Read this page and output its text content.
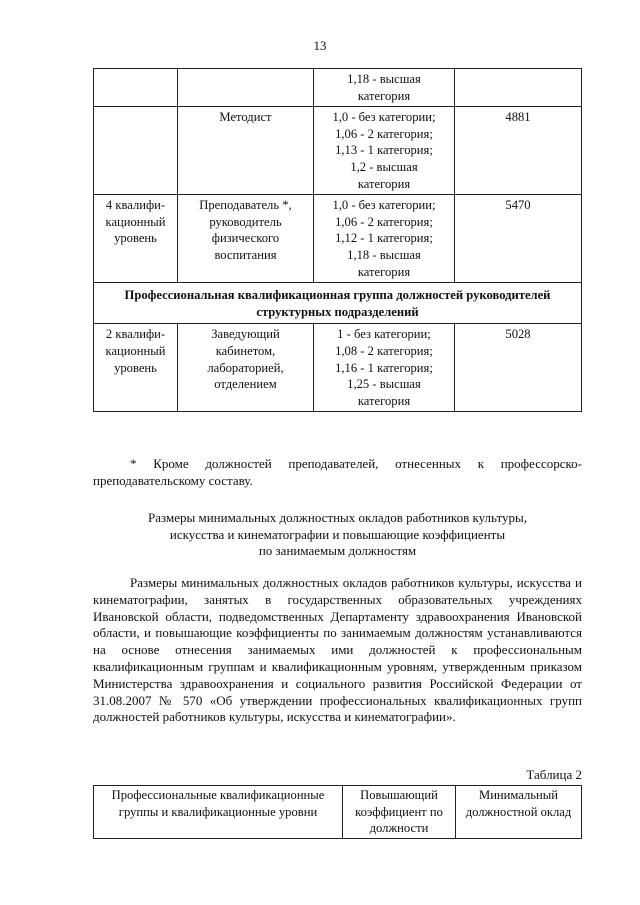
13

		1,18 - высшая
категория	

	Методист	1,0 - без категории;
1,06 - 2 категория;
1,13 - 1 категория;
1,2 - высшая
категория	4881
4 квалифи- кационный уровень	Преподаватель *, руководитель физического воспитания	1,0 - без категории;
1,06 - 2 категория;
1,12 - 1 категория;
1,18 - высшая
категория	5470
Профессиональная квалификационная группа должностей руководителей структурных подразделений			
2 квалифи- кационный уровень	Заведующий кабинетом, лабораторией, отделением	1 - без категории;
1,08 - 2 категория;
1,16 - 1 категория;
1,25 - высшая
категория	5028

* Кроме должностей преподавателей, отнесенных к профессорско-преподавательскому составу.

Размеры минимальных должностных окладов работников культуры,
искусства и кинематографии и повышающие коэффициенты
по занимаемым должностям

Размеры минимальных должностных окладов работников культуры, искусства и кинематографии, занятых в государственных образовательных учреждениях Ивановской области, подведомственных Департаменту здравоохранения Ивановской области, и повышающие коэффициенты по занимаемым должностям устанавливаются на основе отнесения занимаемых ими должностей к профессиональным квалификационным группам и квалификационным уровням, утвержденным приказом Министерства здравоохранения и социального развития Российской Федерации от 31.08.2007 № 570 «Об утверждении профессиональных квалификационных групп должностей работников культуры, искусства и кинематографии».

Таблица 2
Профессиональные квалификационные группы и квалификационные уровни	Повышающий коэффициент по должности	Минимальный должностной оклад
